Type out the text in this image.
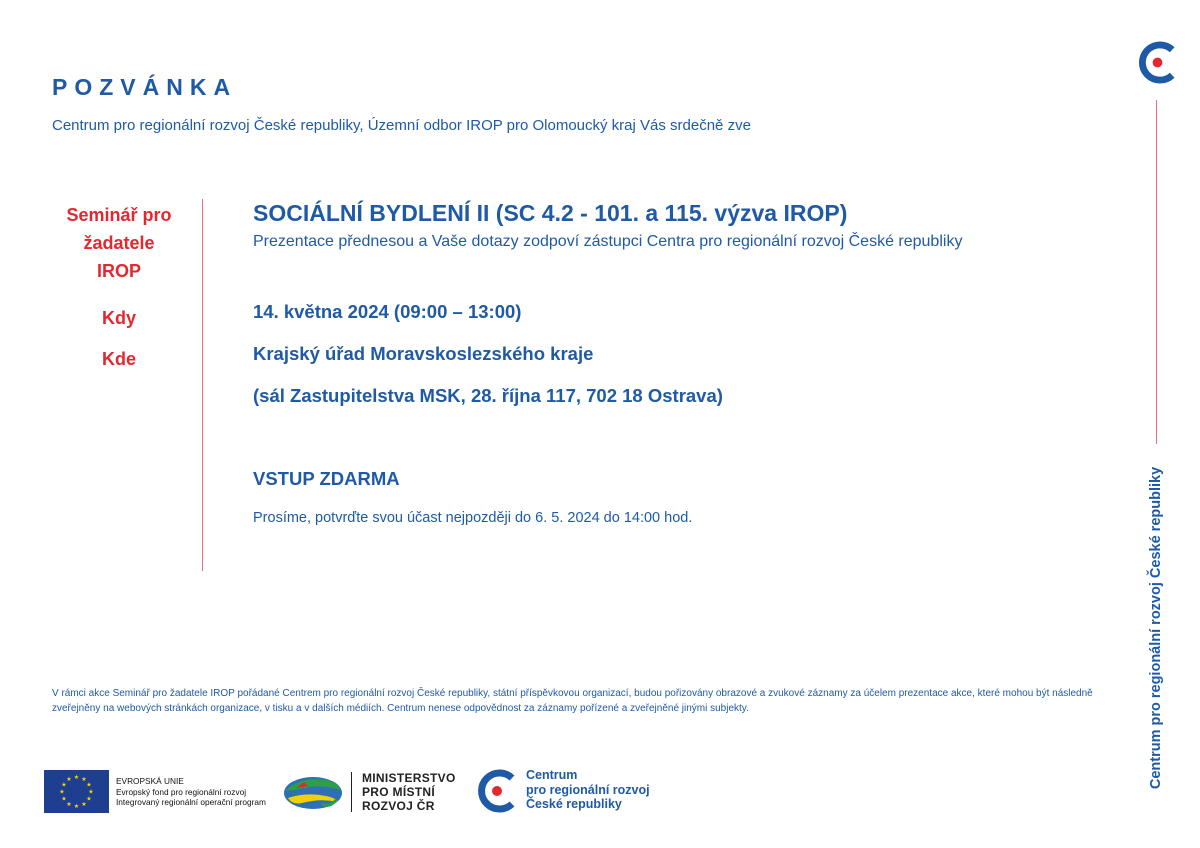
POZVÁNKA
Centrum pro regionální rozvoj České republiky, Územní odbor IROP pro Olomoucký kraj Vás srdečně zve
Centrum pro regionální rozvoj České republiky
Seminář pro
žadatele
IROP
Kdy
Kde
SOCIÁLNÍ BYDLENÍ II (SC 4.2 - 101. a 115. výzva IROP)
Prezentace přednesou a Vaše dotazy zodpoví zástupci Centra pro regionální rozvoj České republiky
14. května 2024 (09:00 – 13:00)
Krajský úřad Moravskoslezského kraje
(sál Zastupitelstva MSK, 28. října 117, 702 18 Ostrava)
VSTUP ZDARMA
Prosíme, potvrďte svou účast nejpozději do 6. 5. 2024 do 14:00 hod.
V rámci akce Seminář pro žadatele IROP pořádané Centrem pro regionální rozvoj České republiky, státní příspěvkovou organizací, budou pořizovány obrazové a zvukové záznamy za účelem prezentace akce, které mohou být následně zveřejněny na webových stránkách organizace, v tisku a v dalších médiích. Centrum nenese odpovědnost za záznamy pořízené a zveřejněné jinými subjekty.
★ ★
★
★
★
★
★
★
★
★
★
★	EVROPSKÁ UNIE
Evropský fond pro regionální rozvoj
Integrovaný regionální operační program
MINISTERSTVO
PRO MÍSTNÍ
ROZVOJ ČR
Centrum
pro regionální rozvoj
České republiky
